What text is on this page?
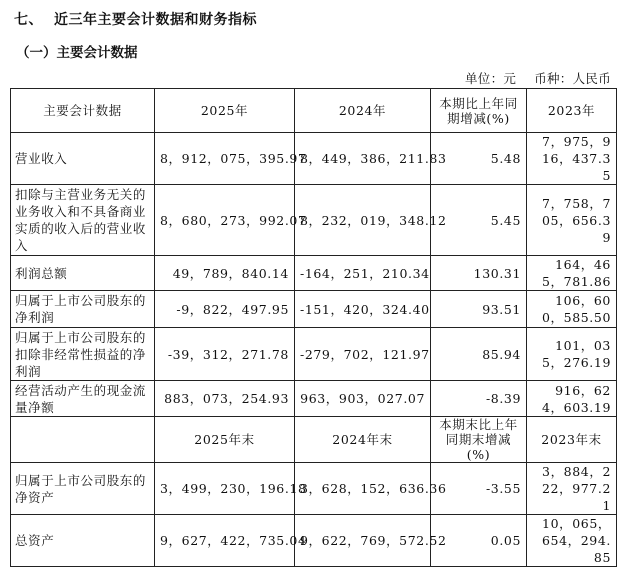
七、 近三年主要会计数据和财务指标
（一）主要会计数据
单位：元 币种：人民币
主要会计数据	2025年	2024年	本期比上年同期增减(%)	2023年
营业收入	8，912，075，395.97	8，449，386，211.83	5.48	7，975，916，437.35
扣除与主营业务无关的业务收入和不具备商业实质的收入后的营业收入	8，680，273，992.07	8，232，019，348.12	5.45	7，758，705，656.39
利润总额	49，789，840.14	-164，251，210.34	130.31	164，465，781.86
归属于上市公司股东的净利润	-9，822，497.95	-151，420，324.40	93.51	106，600，585.50
归属于上市公司股东的扣除非经常性损益的净利润	-39，312，271.78	-279，702，121.97	85.94	101，035，276.19
经营活动产生的现金流量净额	883，073，254.93	963，903，027.07	-8.39	916，624，603.19
	2025年末	2024年末	本期末比上年同期末增减(%)	2023年末
归属于上市公司股东的净资产	3，499，230，196.18	3，628，152，636.36	-3.55	3，884，222，977.21
总资产	9，627，422，735.04	9，622，769，572.52	0.05	10，065，654，294.85
